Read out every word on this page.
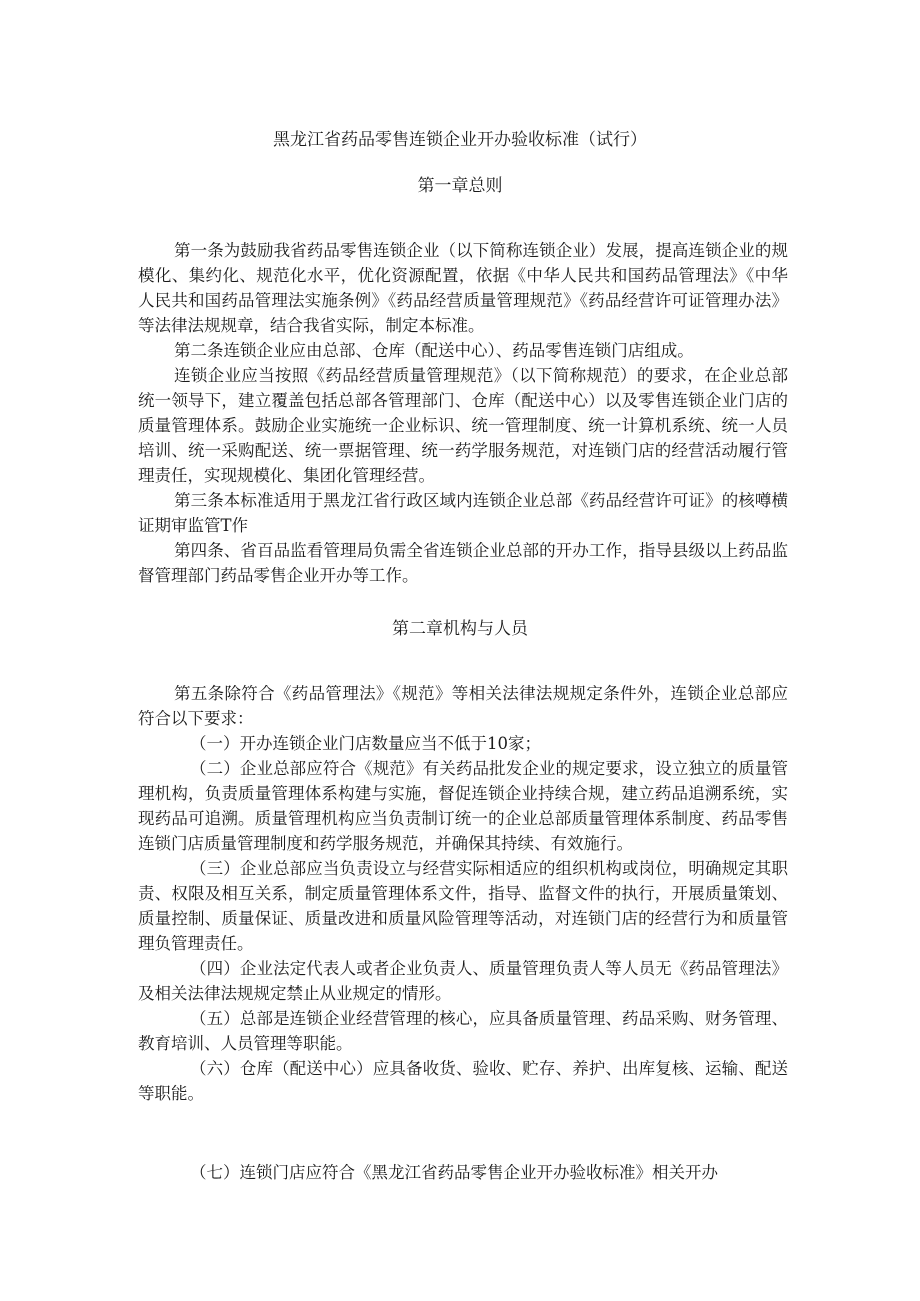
黑龙江省药品零售连锁企业开办验收标准（试行）
第一章总则

第一条为鼓励我省药品零售连锁企业（以下简称连锁企业）发展，提高连锁企业的规模化、集约化、规范化水平，优化资源配置，依据《中华人民共和国药品管理法》《中华人民共和国药品管理法实施条例》《药品经营质量管理规范》《药品经营许可证管理办法》等法律法规规章，结合我省实际，制定本标准。

第二条连锁企业应由总部、仓库（配送中心）、药品零售连锁门店组成。

连锁企业应当按照《药品经营质量管理规范》（以下简称规范）的要求，在企业总部统一领导下，建立覆盖包括总部各管理部门、仓库（配送中心）以及零售连锁企业门店的质量管理体系。鼓励企业实施统一企业标识、统一管理制度、统一计算机系统、统一人员培训、统一采购配送、统一票据管理、统一药学服务规范，对连锁门店的经营活动履行管理责任，实现规模化、集团化管理经营。

第三条本标准适用于黑龙江省行政区域内连锁企业总部《药品经营许可证》的核噂横证期审监管T作

第四条、省百品监看管理局负需全省连锁企业总部的开办工作，指导县级以上药品监督管理部门药品零售企业开办等工作。

第二章机构与人员

第五条除符合《药品管理法》《规范》等相关法律法规规定条件外，连锁企业总部应符合以下要求：

（一）开办连锁企业门店数量应当不低于10家；

（二）企业总部应符合《规范》有关药品批发企业的规定要求，设立独立的质量管理机构，负责质量管理体系构建与实施，督促连锁企业持续合规，建立药品追溯系统，实现药品可追溯。质量管理机构应当负责制订统一的企业总部质量管理体系制度、药品零售连锁门店质量管理制度和药学服务规范，并确保其持续、有效施行。

（三）企业总部应当负责设立与经营实际相适应的组织机构或岗位，明确规定其职责、权限及相互关系，制定质量管理体系文件，指导、监督文件的执行，开展质量策划、质量控制、质量保证、质量改进和质量风险管理等活动，对连锁门店的经营行为和质量管理负管理责任。

（四）企业法定代表人或者企业负责人、质量管理负责人等人员无《药品管理法》及相关法律法规规定禁止从业规定的情形。

（五）总部是连锁企业经营管理的核心，应具备质量管理、药品采购、财务管理、教育培训、人员管理等职能。

（六）仓库（配送中心）应具备收货、验收、贮存、养护、出库复核、运输、配送等职能。

（七）连锁门店应符合《黑龙江省药品零售企业开办验收标准》相关开办
